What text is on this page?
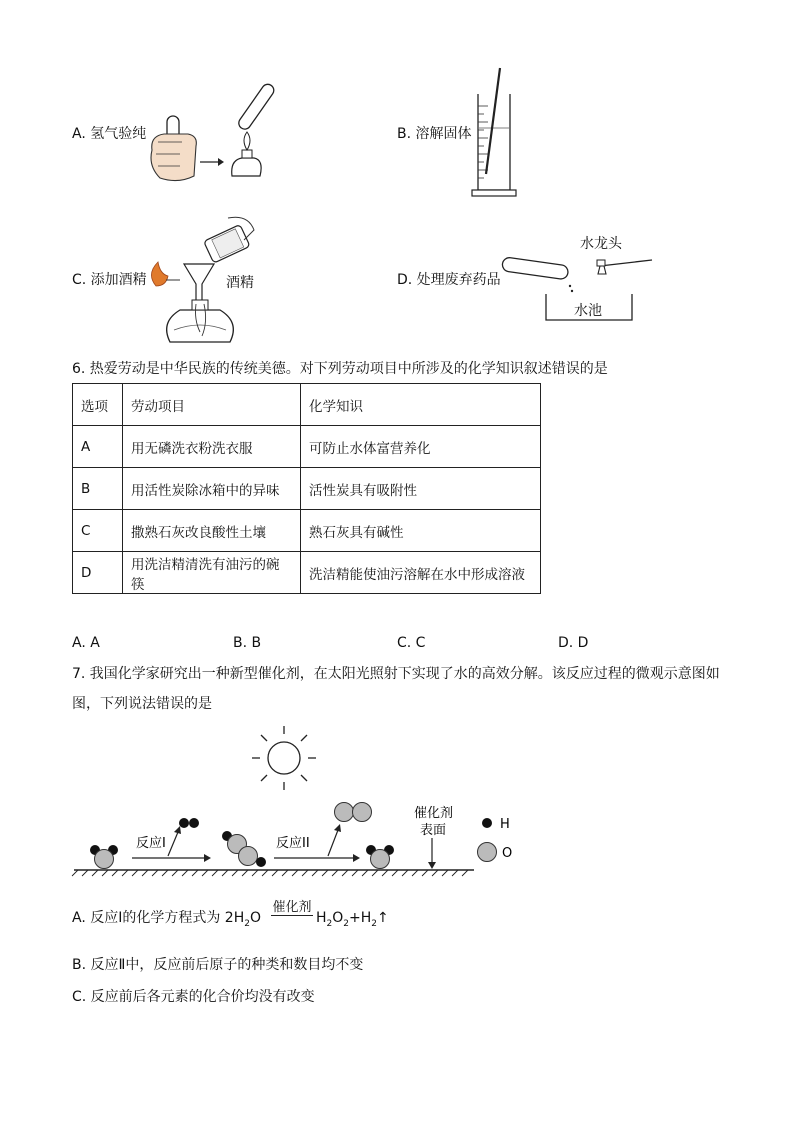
A. 氢气验纯	B. 溶解固体
C. 添加酒精	酒精	D. 处理废弃药品
水龙头
水池
6. 热爱劳动是中华民族的传统美德。对下列劳动项目中所涉及的化学知识叙述错误的是
选项	劳动项目	化学知识
A	用无磷洗衣粉洗衣服	可防止水体富营养化
B	用活性炭除冰箱中的异味	活性炭具有吸附性
C	撒熟石灰改良酸性土壤	熟石灰具有碱性
D	用洗洁精清洗有油污的碗筷	洗洁精能使油污溶解在水中形成溶液
A. A	B. B	C. C	D. D
7. 我国化学家研究出一种新型催化剂，在太阳光照射下实现了水的高效分解。该反应过程的微观示意图如
图，下列说法错误的是
反应I	反应II
催化剂
表面	H
O
A. 反应Ⅰ的化学方程式为 $2H_2O$
催化剂
$H_2O_2+H_2↑$
B. 反应Ⅱ中，反应前后原子的种类和数目均不变
C. 反应前后各元素的化合价均没有改变
